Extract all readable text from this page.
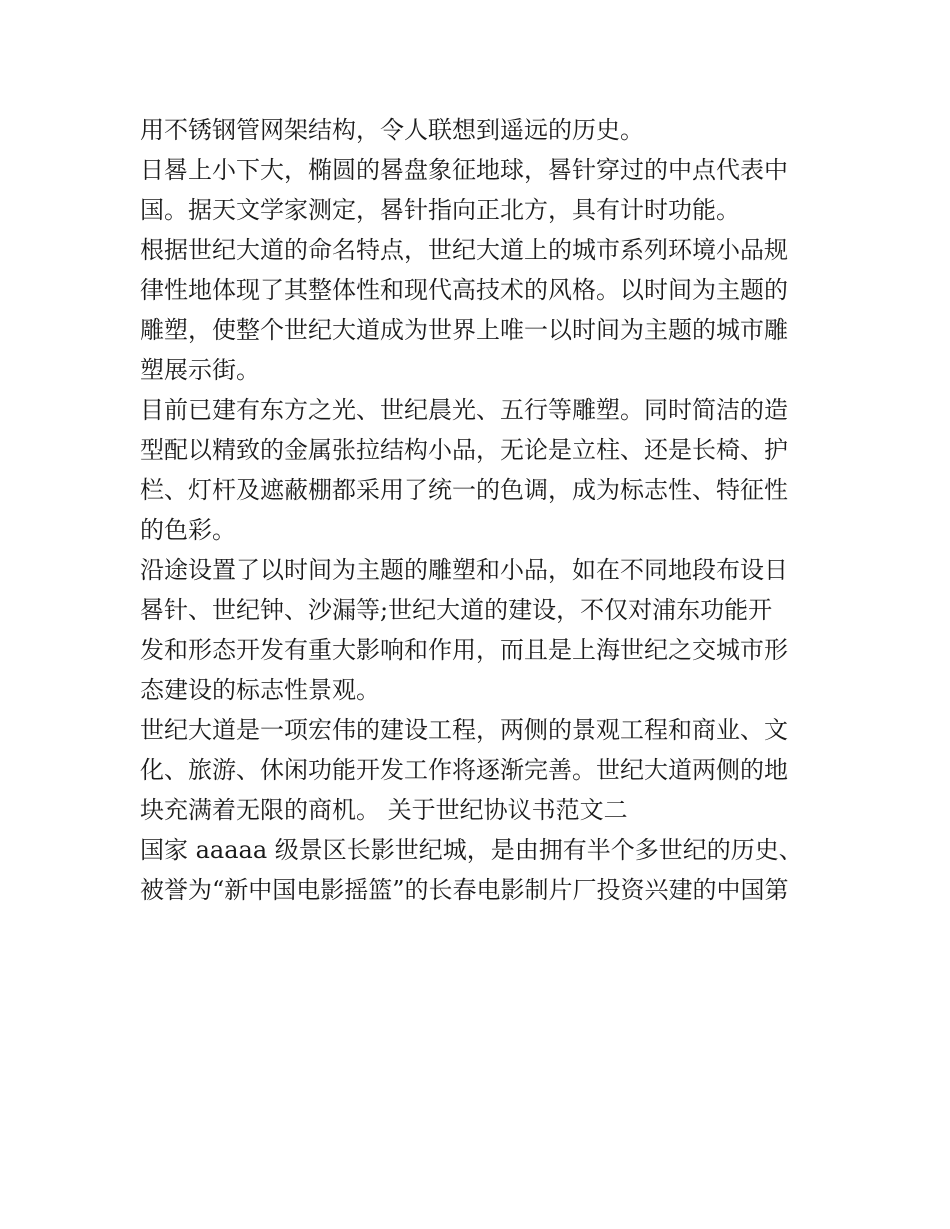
用不锈钢管网架结构，令人联想到遥远的历史。
日晷上小下大，椭圆的晷盘象征地球，晷针穿过的中点代表中
国。据天文学家测定，晷针指向正北方，具有计时功能。
根据世纪大道的命名特点，世纪大道上的城市系列环境小品规
律性地体现了其整体性和现代高技术的风格。以时间为主题的
雕塑，使整个世纪大道成为世界上唯一以时间为主题的城市雕
塑展示街。
目前已建有东方之光、世纪晨光、五行等雕塑。同时简洁的造
型配以精致的金属张拉结构小品，无论是立柱、还是长椅、护
栏、灯杆及遮蔽棚都采用了统一的色调，成为标志性、特征性
的色彩。
沿途设置了以时间为主题的雕塑和小品，如在不同地段布设日
晷针、世纪钟、沙漏等;世纪大道的建设，不仅对浦东功能开
发和形态开发有重大影响和作用，而且是上海世纪之交城市形
态建设的标志性景观。
世纪大道是一项宏伟的建设工程，两侧的景观工程和商业、文
化、旅游、休闲功能开发工作将逐渐完善。世纪大道两侧的地
块充满着无限的商机。 关于世纪协议书范文二
国家 aaaaa 级景区长影世纪城，是由拥有半个多世纪的历史、
被誉为“新中国电影摇篮”的长春电影制片厂投资兴建的中国第
